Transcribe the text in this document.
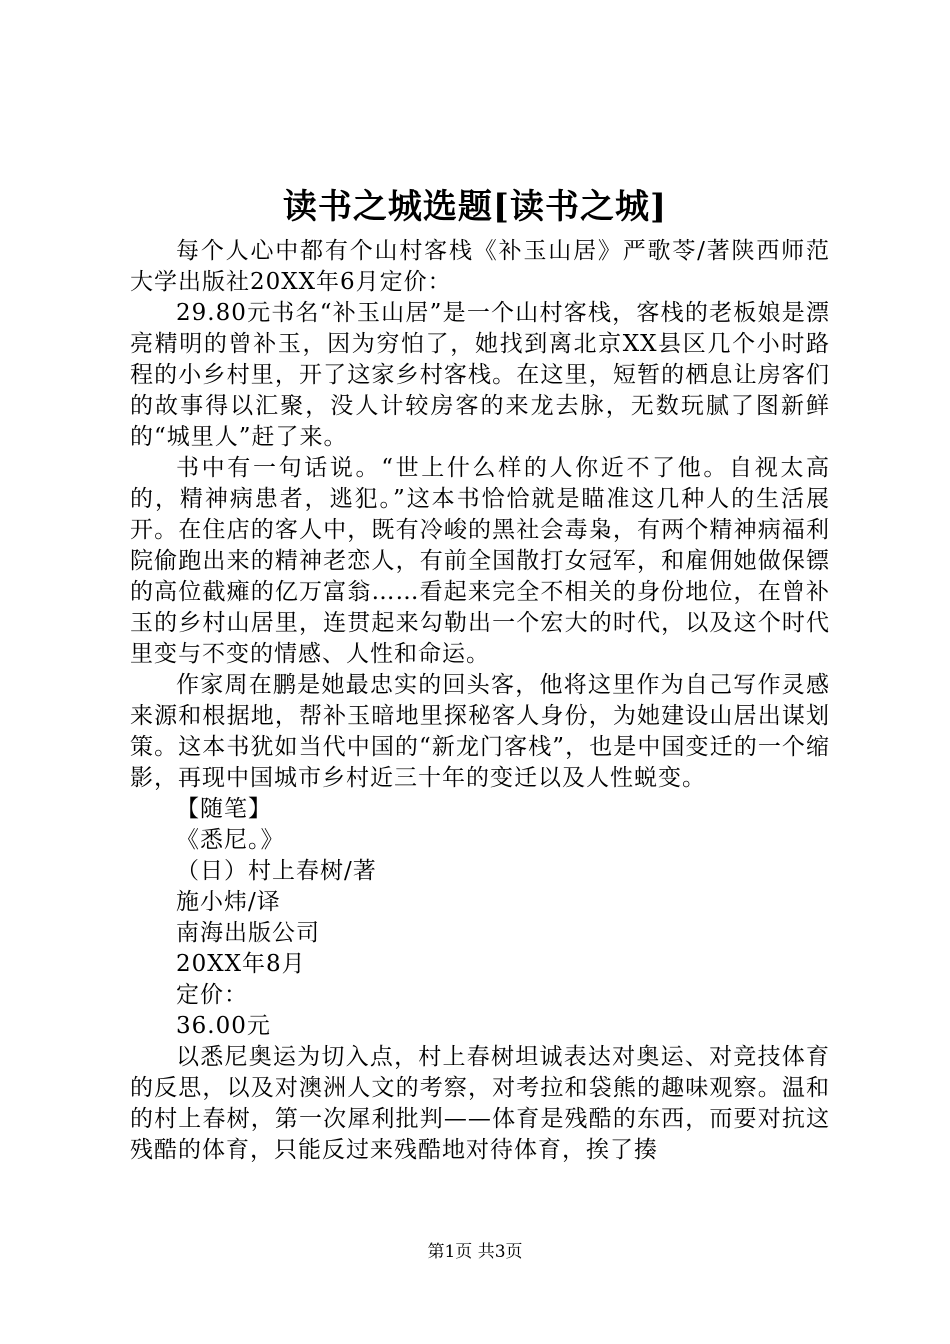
读书之城选题[读书之城]

每个人心中都有个山村客栈《补玉山居》严歌苓/著陕西师范大学出版社20XX年6月定价：

29.80元书名“补玉山居”是一个山村客栈，客栈的老板娘是漂亮精明的曾补玉，因为穷怕了，她找到离北京XX县区几个小时路程的小乡村里，开了这家乡村客栈。在这里，短暂的栖息让房客们的故事得以汇聚，没人计较房客的来龙去脉，无数玩腻了图新鲜的“城里人”赶了来。

书中有一句话说。“世上什么样的人你近不了他。自视太高的，精神病患者，逃犯。”这本书恰恰就是瞄准这几种人的生活展开。在住店的客人中，既有冷峻的黑社会毒枭，有两个精神病福利院偷跑出来的精神老恋人，有前全国散打女冠军，和雇佣她做保镖的高位截瘫的亿万富翁……看起来完全不相关的身份地位，在曾补玉的乡村山居里，连贯起来勾勒出一个宏大的时代，以及这个时代里变与不变的情感、人性和命运。

作家周在鹏是她最忠实的回头客，他将这里作为自己写作灵感来源和根据地，帮补玉暗地里探秘客人身份，为她建设山居出谋划策。这本书犹如当代中国的“新龙门客栈”，也是中国变迁的一个缩影，再现中国城市乡村近三十年的变迁以及人性蜕变。

【随笔】

《悉尼。》

（日）村上春树/著

施小炜/译

南海出版公司

20XX年8月

定价：

36.00元

以悉尼奥运为切入点，村上春树坦诚表达对奥运、对竞技体育的反思，以及对澳洲人文的考察，对考拉和袋熊的趣味观察。温和的村上春树，第一次犀利批判——体育是残酷的东西，而要对抗这残酷的体育，只能反过来残酷地对待体育，挨了揍

第1页 共3页
